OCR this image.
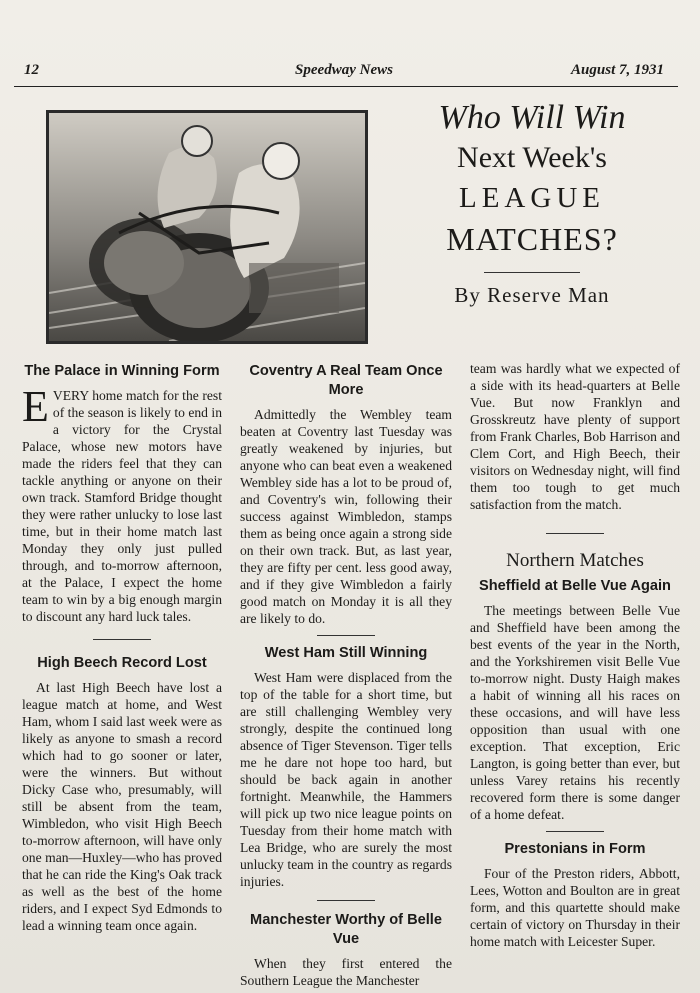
12	Speedway News	August 7, 1931
Who Will Win
Next Week's
LEAGUE
MATCHES?
By Reserve Man
The Palace in Winning Form

EVERY home match for the rest of the season is likely to end in a victory for the Crystal Palace, whose new motors have made the riders feel that they can tackle anything or anyone on their own track. Stamford Bridge thought they were rather unlucky to lose last time, but in their home match last Monday they only just pulled through, and to-morrow afternoon, at the Palace, I expect the home team to win by a big enough margin to discount any hard luck tales.

High Beech Record Lost

At last High Beech have lost a league match at home, and West Ham, whom I said last week were as likely as anyone to smash a record which had to go sooner or later, were the winners. But without Dicky Case who, presumably, will still be absent from the team, Wimbledon, who visit High Beech to-morrow afternoon, will have only one man—Huxley—who has proved that he can ride the King's Oak track as well as the best of the home riders, and I expect Syd Edmonds to lead a winning team once again.

Coventry A Real Team Once More

Admittedly the Wembley team beaten at Coventry last Tuesday was greatly weakened by injuries, but anyone who can beat even a weakened Wembley side has a lot to be proud of, and Coventry's win, following their success against Wimbledon, stamps them as being once again a strong side on their own track. But, as last year, they are fifty per cent. less good away, and if they give Wimbledon a fairly good match on Monday it is all they are likely to do.

West Ham Still Winning

West Ham were displaced from the top of the table for a short time, but are still challenging Wembley very strongly, despite the continued long absence of Tiger Stevenson. Tiger tells me he dare not hope too hard, but should be back again in another fortnight. Meanwhile, the Hammers will pick up two nice league points on Tuesday from their home match with Lea Bridge, who are surely the most unlucky team in the country as regards injuries.

Manchester Worthy of Belle Vue

When they first entered the Southern League the Manchester

team was hardly what we expected of a side with its head-quarters at Belle Vue. But now Franklyn and Grosskreutz have plenty of support from Frank Charles, Bob Harrison and Clem Cort, and High Beech, their visitors on Wednesday night, will find them too tough to get much satisfaction from the match.

Northern Matches
Sheffield at Belle Vue Again

The meetings between Belle Vue and Sheffield have been among the best events of the year in the North, and the Yorkshiremen visit Belle Vue to-morrow night. Dusty Haigh makes a habit of winning all his races on these occasions, and will have less opposition than usual with one exception. That exception, Eric Langton, is going better than ever, but unless Varey retains his recently recovered form there is some danger of a home defeat.

Prestonians in Form

Four of the Preston riders, Abbott, Lees, Wotton and Boulton are in great form, and this quartette should make certain of victory on Thursday in their home match with Leicester Super.
